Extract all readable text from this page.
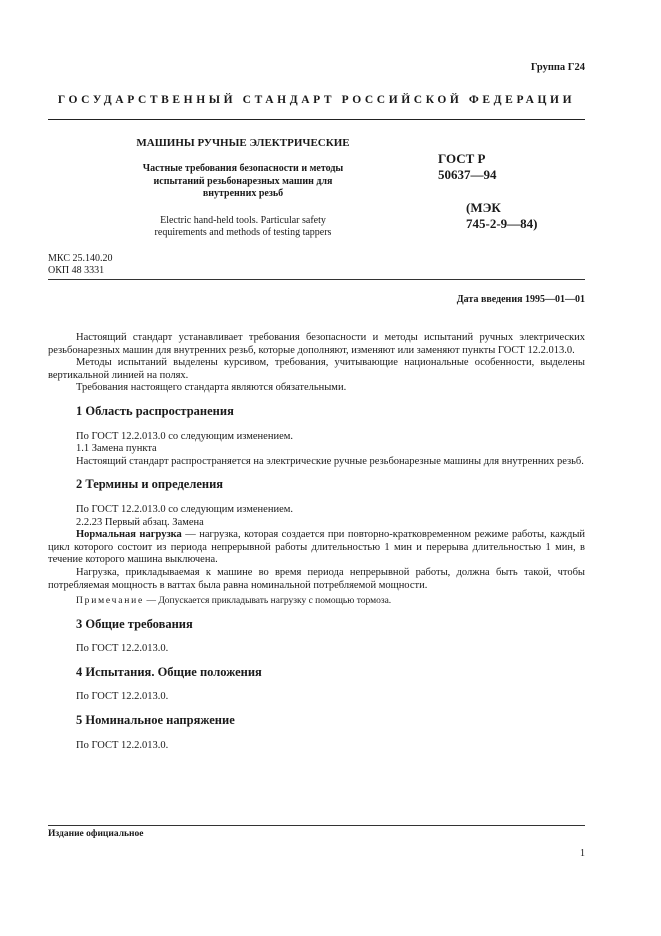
Группа Г24
ГОСУДАРСТВЕННЫЙ СТАНДАРТ РОССИЙСКОЙ ФЕДЕРАЦИИ
МАШИНЫ РУЧНЫЕ ЭЛЕКТРИЧЕСКИЕ
Частные требования безопасности и методы
испытаний резьбонарезных машин для
внутренних резьб
Electric hand-held tools. Particular safety
requirements and methods of testing tappers
ГОСТ Р
50637—94
(МЭК
745-2-9—84)
МКС 25.140.20
ОКП 48 3331
Дата введения 1995—01—01

Настоящий стандарт устанавливает требования безопасности и методы испытаний ручных электрических резьбонарезных машин для внутренних резьб, которые дополняют, изменяют или заменяют пункты ГОСТ 12.2.013.0.

Методы испытаний выделены курсивом, требования, учитывающие национальные особенности, выделены вертикальной линией на полях.

Требования настоящего стандарта являются обязательными.

1 Область распространения

По ГОСТ 12.2.013.0 со следующим изменением.

1.1 Замена пункта

Настоящий стандарт распространяется на электрические ручные резьбонарезные машины для внутренних резьб.

2 Термины и определения

По ГОСТ 12.2.013.0 со следующим изменением.

2.2.23 Первый абзац. Замена

Нормальная нагрузка — нагрузка, которая создается при повторно-кратковременном режиме работы, каждый цикл которого состоит из периода непрерывной работы длительностью 1 мин и перерыва длительностью 1 мин, в течение которого машина выключена.

Нагрузка, прикладываемая к машине во время периода непрерывной работы, должна быть такой, чтобы потребляемая мощность в ваттах была равна номинальной потребляемой мощности.

Примечание — Допускается прикладывать нагрузку с помощью тормоза.

3 Общие требования

По ГОСТ 12.2.013.0.

4 Испытания. Общие положения

По ГОСТ 12.2.013.0.

5 Номинальное напряжение

По ГОСТ 12.2.013.0.

Издание официальное
1
